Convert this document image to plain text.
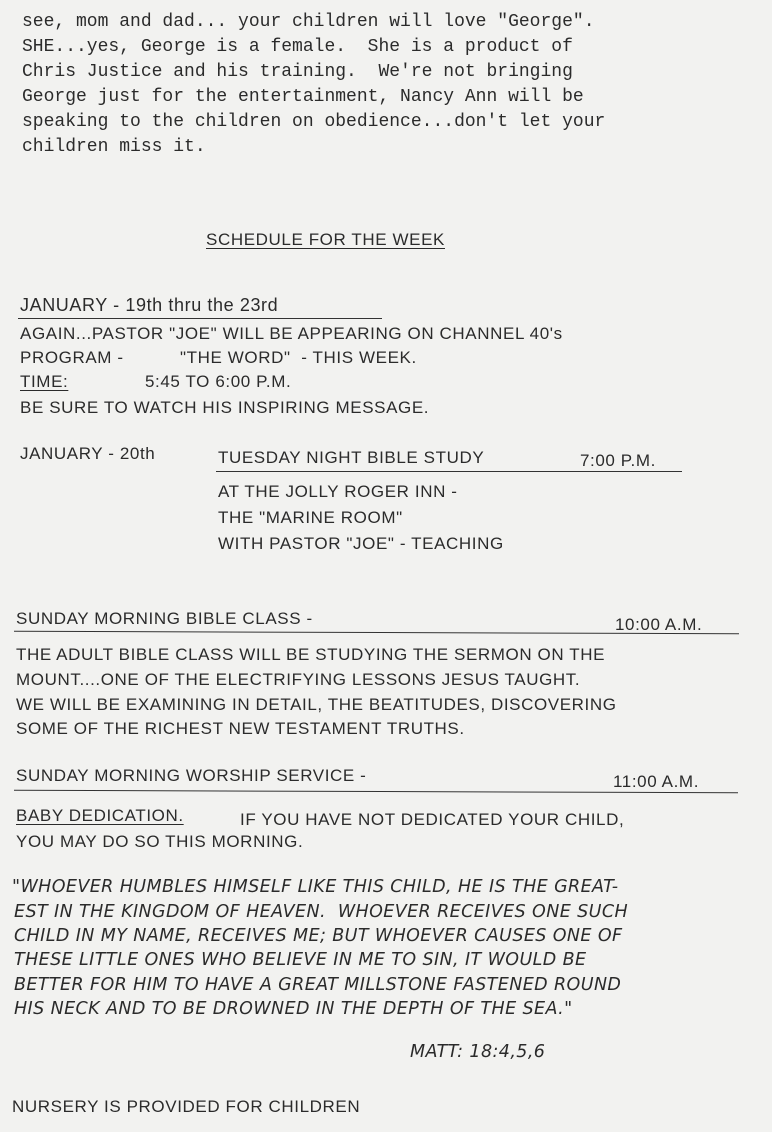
see, mom and dad... your children will love "George".

SHE...yes, George is a female.  She is a product of

Chris Justice and his training.  We're not bringing

George just for the entertainment, Nancy Ann will be

speaking to the children on obedience...don't let your

children miss it.

SCHEDULE FOR THE WEEK

JANUARY - 19th thru the 23rd

AGAIN...PASTOR "JOE" WILL BE APPEARING ON CHANNEL 40's

PROGRAM -	"THE WORD"  - THIS WEEK.

TIME:	5:45 TO 6:00 P.M.

BE SURE TO WATCH HIS INSPIRING MESSAGE.

JANUARY - 20th	TUESDAY NIGHT BIBLE STUDY	7:00 P.M.

AT THE JOLLY ROGER INN -

THE "MARINE ROOM"

WITH PASTOR "JOE" - TEACHING

SUNDAY MORNING BIBLE CLASS -	10:00 A.M.

THE ADULT BIBLE CLASS WILL BE STUDYING THE SERMON ON THE

MOUNT....ONE OF THE ELECTRIFYING LESSONS JESUS TAUGHT.

WE WILL BE EXAMINING IN DETAIL, THE BEATITUDES, DISCOVERING

SOME OF THE RICHEST NEW TESTAMENT TRUTHS.

SUNDAY MORNING WORSHIP SERVICE -	11:00 A.M.

BABY DEDICATION.	IF YOU HAVE NOT DEDICATED YOUR CHILD,

YOU MAY DO SO THIS MORNING.

"WHOEVER HUMBLES HIMSELF LIKE THIS CHILD, HE IS THE GREAT-

EST IN THE KINGDOM OF HEAVEN.  WHOEVER RECEIVES ONE SUCH

CHILD IN MY NAME, RECEIVES ME; BUT WHOEVER CAUSES ONE OF

THESE LITTLE ONES WHO BELIEVE IN ME TO SIN, IT WOULD BE

BETTER FOR HIM TO HAVE A GREAT MILLSTONE FASTENED ROUND

HIS NECK AND TO BE DROWNED IN THE DEPTH OF THE SEA."

MATT: 18:4,5,6

NURSERY IS PROVIDED FOR CHILDREN
